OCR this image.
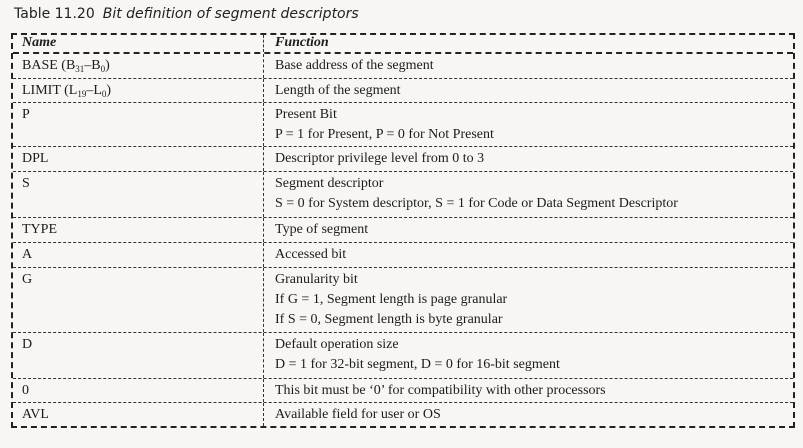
Table 11.20 Bit definition of segment descriptors
Name	Function
BASE $(B_{31}-B_0)$	Base address of the segment
LIMIT $(L_{19}-L_0)$	Length of the segment
P	Present Bit
P = 1 for Present, P = 0 for Not Present
DPL	Descriptor privilege level from 0 to 3
S	Segment descriptor
S = 0 for System descriptor, S = 1 for Code or Data Segment Descriptor
TYPE	Type of segment
A	Accessed bit
G	Granularity bit
If G = 1, Segment length is page granular
If S = 0, Segment length is byte granular
D	Default operation size
D = 1 for 32-bit segment, D = 0 for 16-bit segment
0	This bit must be ‘0’ for compatibility with other processors
AVL	Available field for user or OS
